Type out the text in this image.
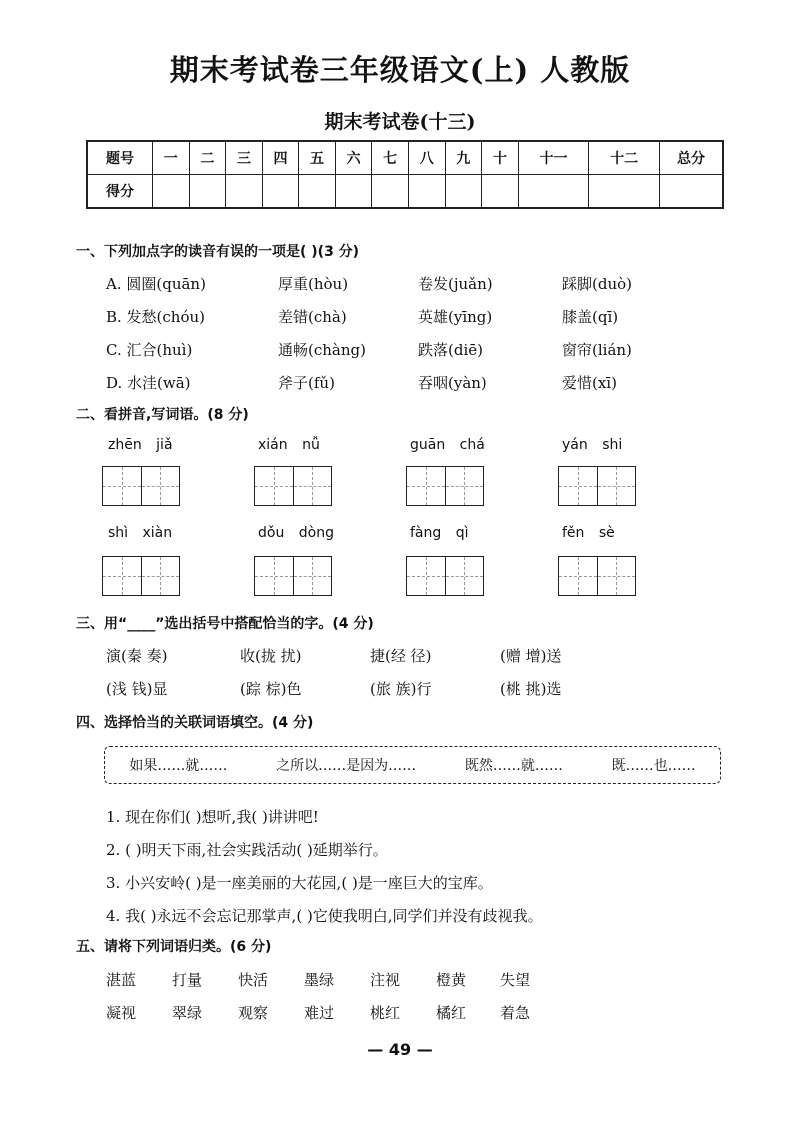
期末考试卷三年级语文(上) 人教版
期末考试卷(十三)
题号	一	二	三	四	五	六	七	八	九	十	十一	十二	总分
得分													
一、下列加点字的读音有误的一项是( )(3 分)
A. 圆圈(quān)	厚重(hòu)	卷发(juǎn)	踩脚(duò)
B. 发愁(chóu)	差错(chà)	英雄(yīng)	膝盖(qī)
C. 汇合(huì)	通畅(chàng)	跌落(diē)	窗帘(lián)
D. 水洼(wā)	斧子(fǔ)	吞咽(yàn)	爱惜(xī)
二、看拼音,写词语。(8 分)
zhēn jiǎ	xián nǚ	guān chá	yán shi
shì xiàn	dǒu dòng	fàng qì	fěn sè
三、用“____”选出括号中搭配恰当的字。(4 分)
演(秦 奏)	收(拢 扰)	捷(经 径)	(赠 增)送
(浅 钱)显	(踪 棕)色	(旅 族)行	(桃 挑)选
四、选择恰当的关联词语填空。(4 分)
如果……就……	之所以……是因为……	既然……就……	既……也……
1. 现在你们( )想听,我( )讲讲吧!
2. ( )明天下雨,社会实践活动( )延期举行。
3. 小兴安岭( )是一座美丽的大花园,( )是一座巨大的宝库。
4. 我( )永远不会忘记那掌声,( )它使我明白,同学们并没有歧视我。
五、请将下列词语归类。(6 分)
湛蓝 打量 快活 墨绿 注视 橙黄 失望
凝视 翠绿 观察 难过 桃红 橘红 着急
— 49 —
